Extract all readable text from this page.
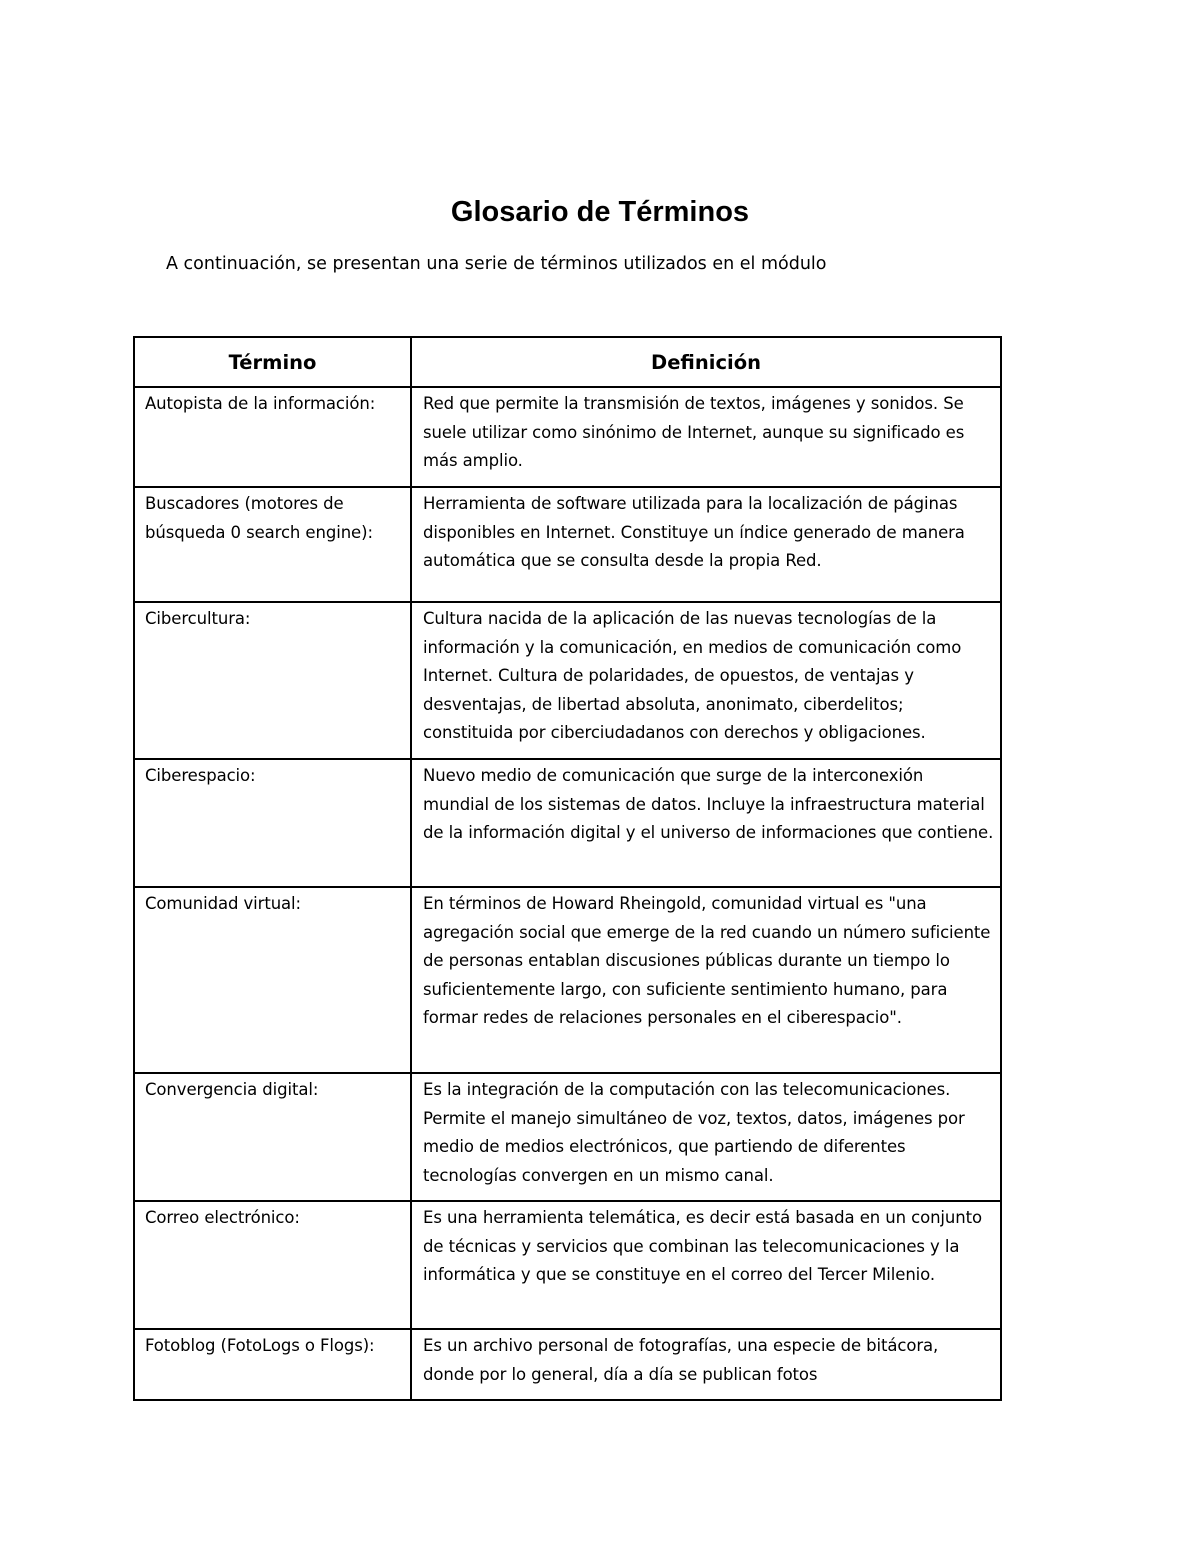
Glosario de Términos

A continuación, se presentan una serie de términos utilizados en el módulo

Término	Definición
Autopista de la información:	Red que permite la transmisión de textos, imágenes y sonidos. Se suele utilizar como sinónimo de Internet, aunque su significado es más amplio.
Buscadores (motores de búsqueda 0 search engine):	Herramienta de software utilizada para la localización de páginas disponibles en Internet. Constituye un índice generado de manera automática que se consulta desde la propia Red.
Cibercultura:	Cultura nacida de la aplicación de las nuevas tecnologías de la información y la comunicación, en medios de comunicación como Internet. Cultura de polaridades, de opuestos, de ventajas y desventajas, de libertad absoluta, anonimato, ciberdelitos; constituida por ciberciudadanos con derechos y obligaciones.
Ciberespacio:	Nuevo medio de comunicación que surge de la interconexión mundial de los sistemas de datos. Incluye la infraestructura material de la información digital y el universo de informaciones que contiene.
Comunidad virtual:	En términos de Howard Rheingold, comunidad virtual es "una agregación social que emerge de la red cuando un número suficiente de personas entablan discusiones públicas durante un tiempo lo suficientemente largo, con suficiente sentimiento humano, para formar redes de relaciones personales en el ciberespacio".
Convergencia digital:	Es la integración de la computación con las telecomunicaciones. Permite el manejo simultáneo de voz, textos, datos, imágenes por medio de medios electrónicos, que partiendo de diferentes tecnologías convergen en un mismo canal.
Correo electrónico:	Es una herramienta telemática, es decir está basada en un conjunto de técnicas y servicios que combinan las telecomunicaciones y la informática y que se constituye en el correo del Tercer Milenio.
Fotoblog (FotoLogs o Flogs):	Es un archivo personal de fotografías, una especie de bitácora, donde por lo general, día a día se publican fotos
